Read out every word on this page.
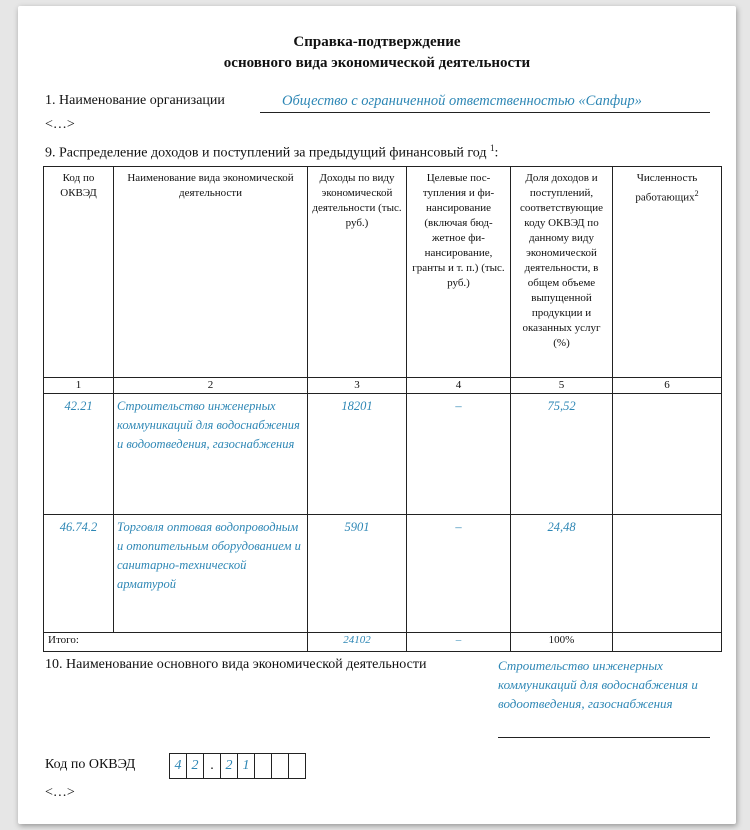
Справка-подтверждение
основного вида экономической деятельности
1. Наименование организации	Общество с ограниченной ответственностью «Сапфир»
<…>
9. Распределение доходов и поступлений за предыдущий финансовый год $^1$:
Код по ОКВЭД	Наименование вида экономической деятельности	Доходы по виду экономической деятельности (тыс. руб.)	Целевые пос-тупления и фи-нансирование (включая бюд-жетное фи-нансирование, гранты и т. п.) (тыс. руб.)	Доля доходов и поступлений, соответствующие коду ОКВЭД по данному виду экономической деятельности, в общем объеме выпущенной продукции и оказанных услуг (%)	Численность работающих$^2$

1	2	3	4	5	6
42.21	Строительство инженерных коммуникаций для водоснабжения и водоотведения, газоснабжения	18201	–	75,52	
46.74.2	Торговля оптовая водопроводным и отопительным оборудованием и санитарно-технической арматурой	5901	–	24,48	
Итого:		24102	–	100%	
10. Наименование основного вида экономической деятельности	Строительство инженерных коммуникаций для водоснабжения и водоотведения, газоснабжения
Код по ОКВЭД	4 2 . 2 1
<…>
